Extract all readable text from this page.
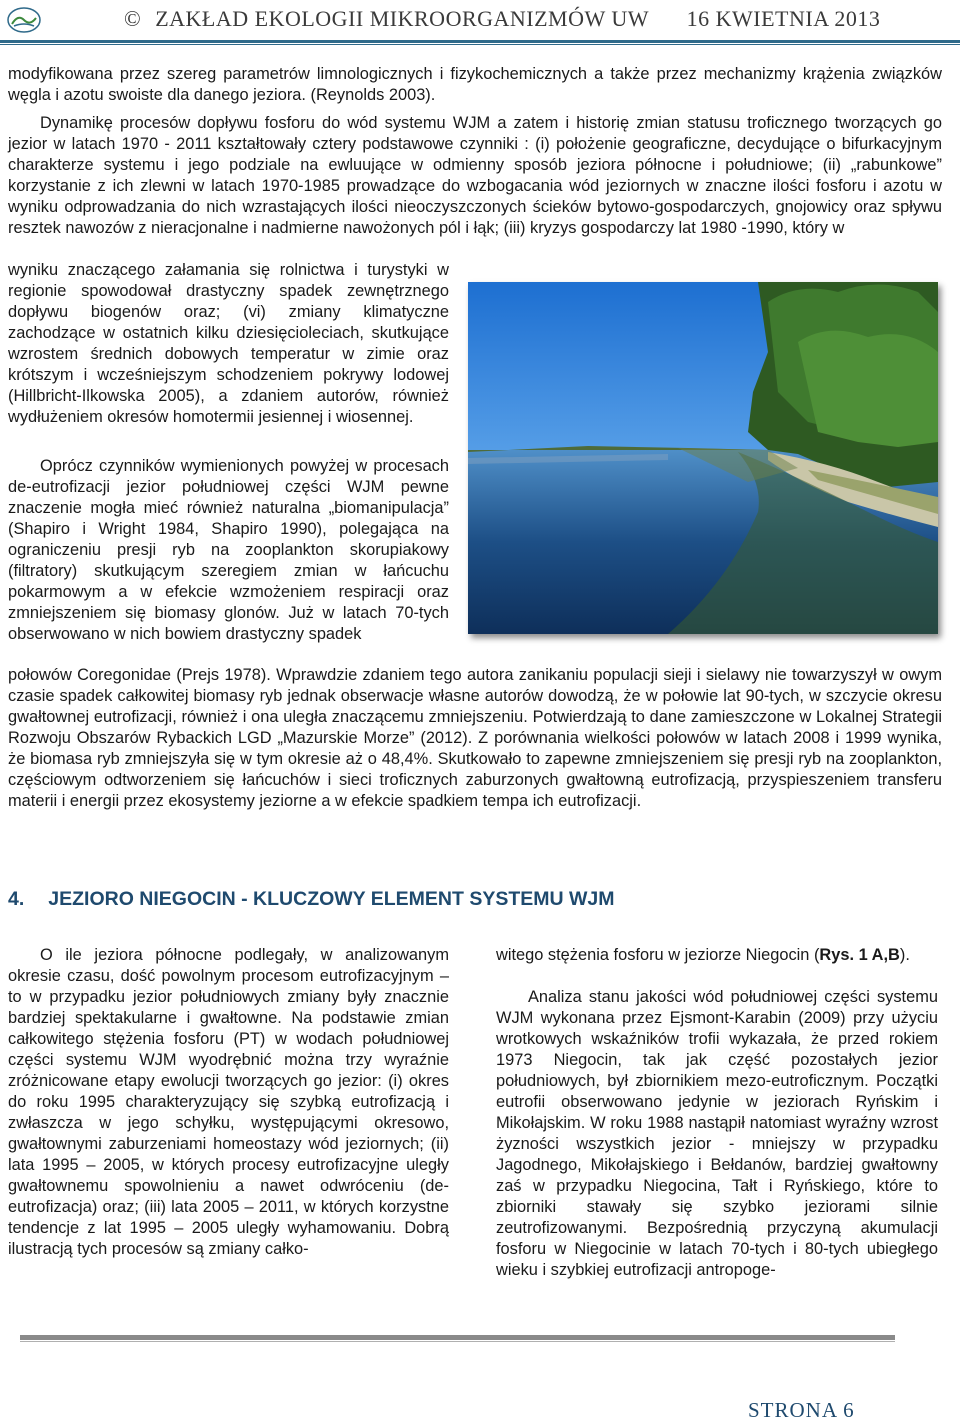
© ZAKŁAD EKOLOGII MIKROORGANIZMÓW UW 16 KWIETNIA 2013

modyfikowana przez szereg parametrów limnologicznych i fizykochemicznych a także przez mechanizmy krążenia związków węgla i azotu swoiste dla danego jeziora. (Reynolds 2003).

Dynamikę procesów dopływu fosforu do wód systemu WJM a zatem i historię zmian statusu troficznego tworzących go jezior w latach 1970 - 2011 kształtowały cztery podstawowe czynniki : (i) położenie geograficzne, decydujące o bifurkacyjnym charakterze systemu i jego podziale na ewluujące w odmienny sposób jeziora północne i południowe; (ii) „rabunkowe” korzystanie z ich zlewni w latach 1970-1985 prowadzące do wzbogacania wód jeziornych w znaczne ilości fosforu i azotu w wyniku odprowadzania do nich wzrastających ilości nieoczyszczonych ścieków bytowo-gospodarczych, gnojowicy oraz spływu resztek nawozów z nieracjonalne i nadmierne nawożonych pól i łąk; (iii) kryzys gospodarczy lat 1980 -1990, który w

wyniku znaczącego załamania się rolnictwa i turystyki w regionie spowodował drastyczny spadek zewnętrznego dopływu biogenów oraz; (vi) zmiany klimatyczne zachodzące w ostatnich kilku dziesięcioleciach, skutkujące wzrostem średnich dobowych temperatur w zimie oraz krótszym i wcześniejszym schodzeniem pokrywy lodowej (Hillbricht-Ilkowska 2005), a zdaniem autorów, również wydłużeniem okresów homotermii jesiennej i wiosennej.

Oprócz czynników wymienionych powyżej w procesach de-eutrofizacji jezior południowej części WJM pewne znaczenie mogła mieć również naturalna „biomanipulacja” (Shapiro i Wright 1984, Shapiro 1990), polegająca na ograniczeniu presji ryb na zooplankton skorupiakowy (filtratory) skutkującym szeregiem zmian w łańcuchu pokarmowym a w efekcie wzmożeniem respiracji oraz zmniejszeniem się biomasy glonów. Już w latach 70-tych obserwowano w nich bowiem drastyczny spadek

połowów Coregonidae (Prejs 1978). Wprawdzie zdaniem tego autora zanikaniu populacji sieji i sielawy nie towarzyszył w owym czasie spadek całkowitej biomasy ryb jednak obserwacje własne autorów dowodzą, że w połowie lat 90-tych, w szczycie okresu gwałtownej eutrofizacji, również i ona uległa znaczącemu zmniejszeniu. Potwierdzają to dane zamieszczone w Lokalnej Strategii Rozwoju Obszarów Rybackich LGD „Mazurskie Morze” (2012). Z porównania wielkości połowów w latach 2008 i 1999 wynika, że biomasa ryb zmniejszyła się w tym okresie aż o 48,4%. Skutkowało to zapewne zmniejszeniem się presji ryb na zooplankton, częściowym odtworzeniem się łańcuchów i sieci troficznych zaburzonych gwałtowną eutrofizacją, przyspieszeniem transferu materii i energii przez ekosystemy jeziorne a w efekcie spadkiem tempa ich eutrofizacji.

4. JEZIORO NIEGOCIN - KLUCZOWY ELEMENT SYSTEMU WJM

O ile jeziora północne podlegały, w analizowanym okresie czasu, dość powolnym procesom eutrofizacyjnym – to w przypadku jezior południowych zmiany były znacznie bardziej spektakularne i gwałtowne. Na podstawie zmian całkowitego stężenia fosforu (PT) w wodach południowej części systemu WJM wyodrębnić można trzy wyraźnie zróżnicowane etapy ewolucji tworzących go jezior: (i) okres do roku 1995 charakteryzujący się szybką eutrofizacją i zwłaszcza w jego schyłku, występującymi okresowo, gwałtownymi zaburzeniami homeostazy wód jeziornych; (ii) lata 1995 – 2005, w których procesy eutrofizacyjne uległy gwałtownemu spowolnieniu a nawet odwróceniu (de-eutrofizacja) oraz; (iii) lata 2005 – 2011, w których korzystne tendencje z lat 1995 – 2005 uległy wyhamowaniu. Dobrą ilustracją tych procesów są zmiany całko-

witego stężenia fosforu w jeziorze Niegocin (Rys. 1 A,B).

Analiza stanu jakości wód południowej części systemu WJM wykonana przez Ejsmont-Karabin (2009) przy użyciu wrotkowych wskaźników trofii wykazała, że przed rokiem 1973 Niegocin, tak jak część pozostałych jezior południowych, był zbiornikiem mezo-eutroficznym. Początki eutrofii obserwowano jedynie w jeziorach Ryńskim i Mikołajskim. W roku 1988 nastąpił natomiast wyraźny wzrost żyzności wszystkich jezior - mniejszy w przypadku Jagodnego, Mikołajskiego i Bełdanów, bardziej gwałtowny zaś w przypadku Niegocina, Tałt i Ryńskiego, które to zbiorniki stawały się szybko jeziorami silnie zeutrofizowanymi. Bezpośrednią przyczyną akumulacji fosforu w Niegocinie w latach 70-tych i 80-tych ubiegłego wieku i szybkiej eutrofizacji antropoge-

STRONA 6
